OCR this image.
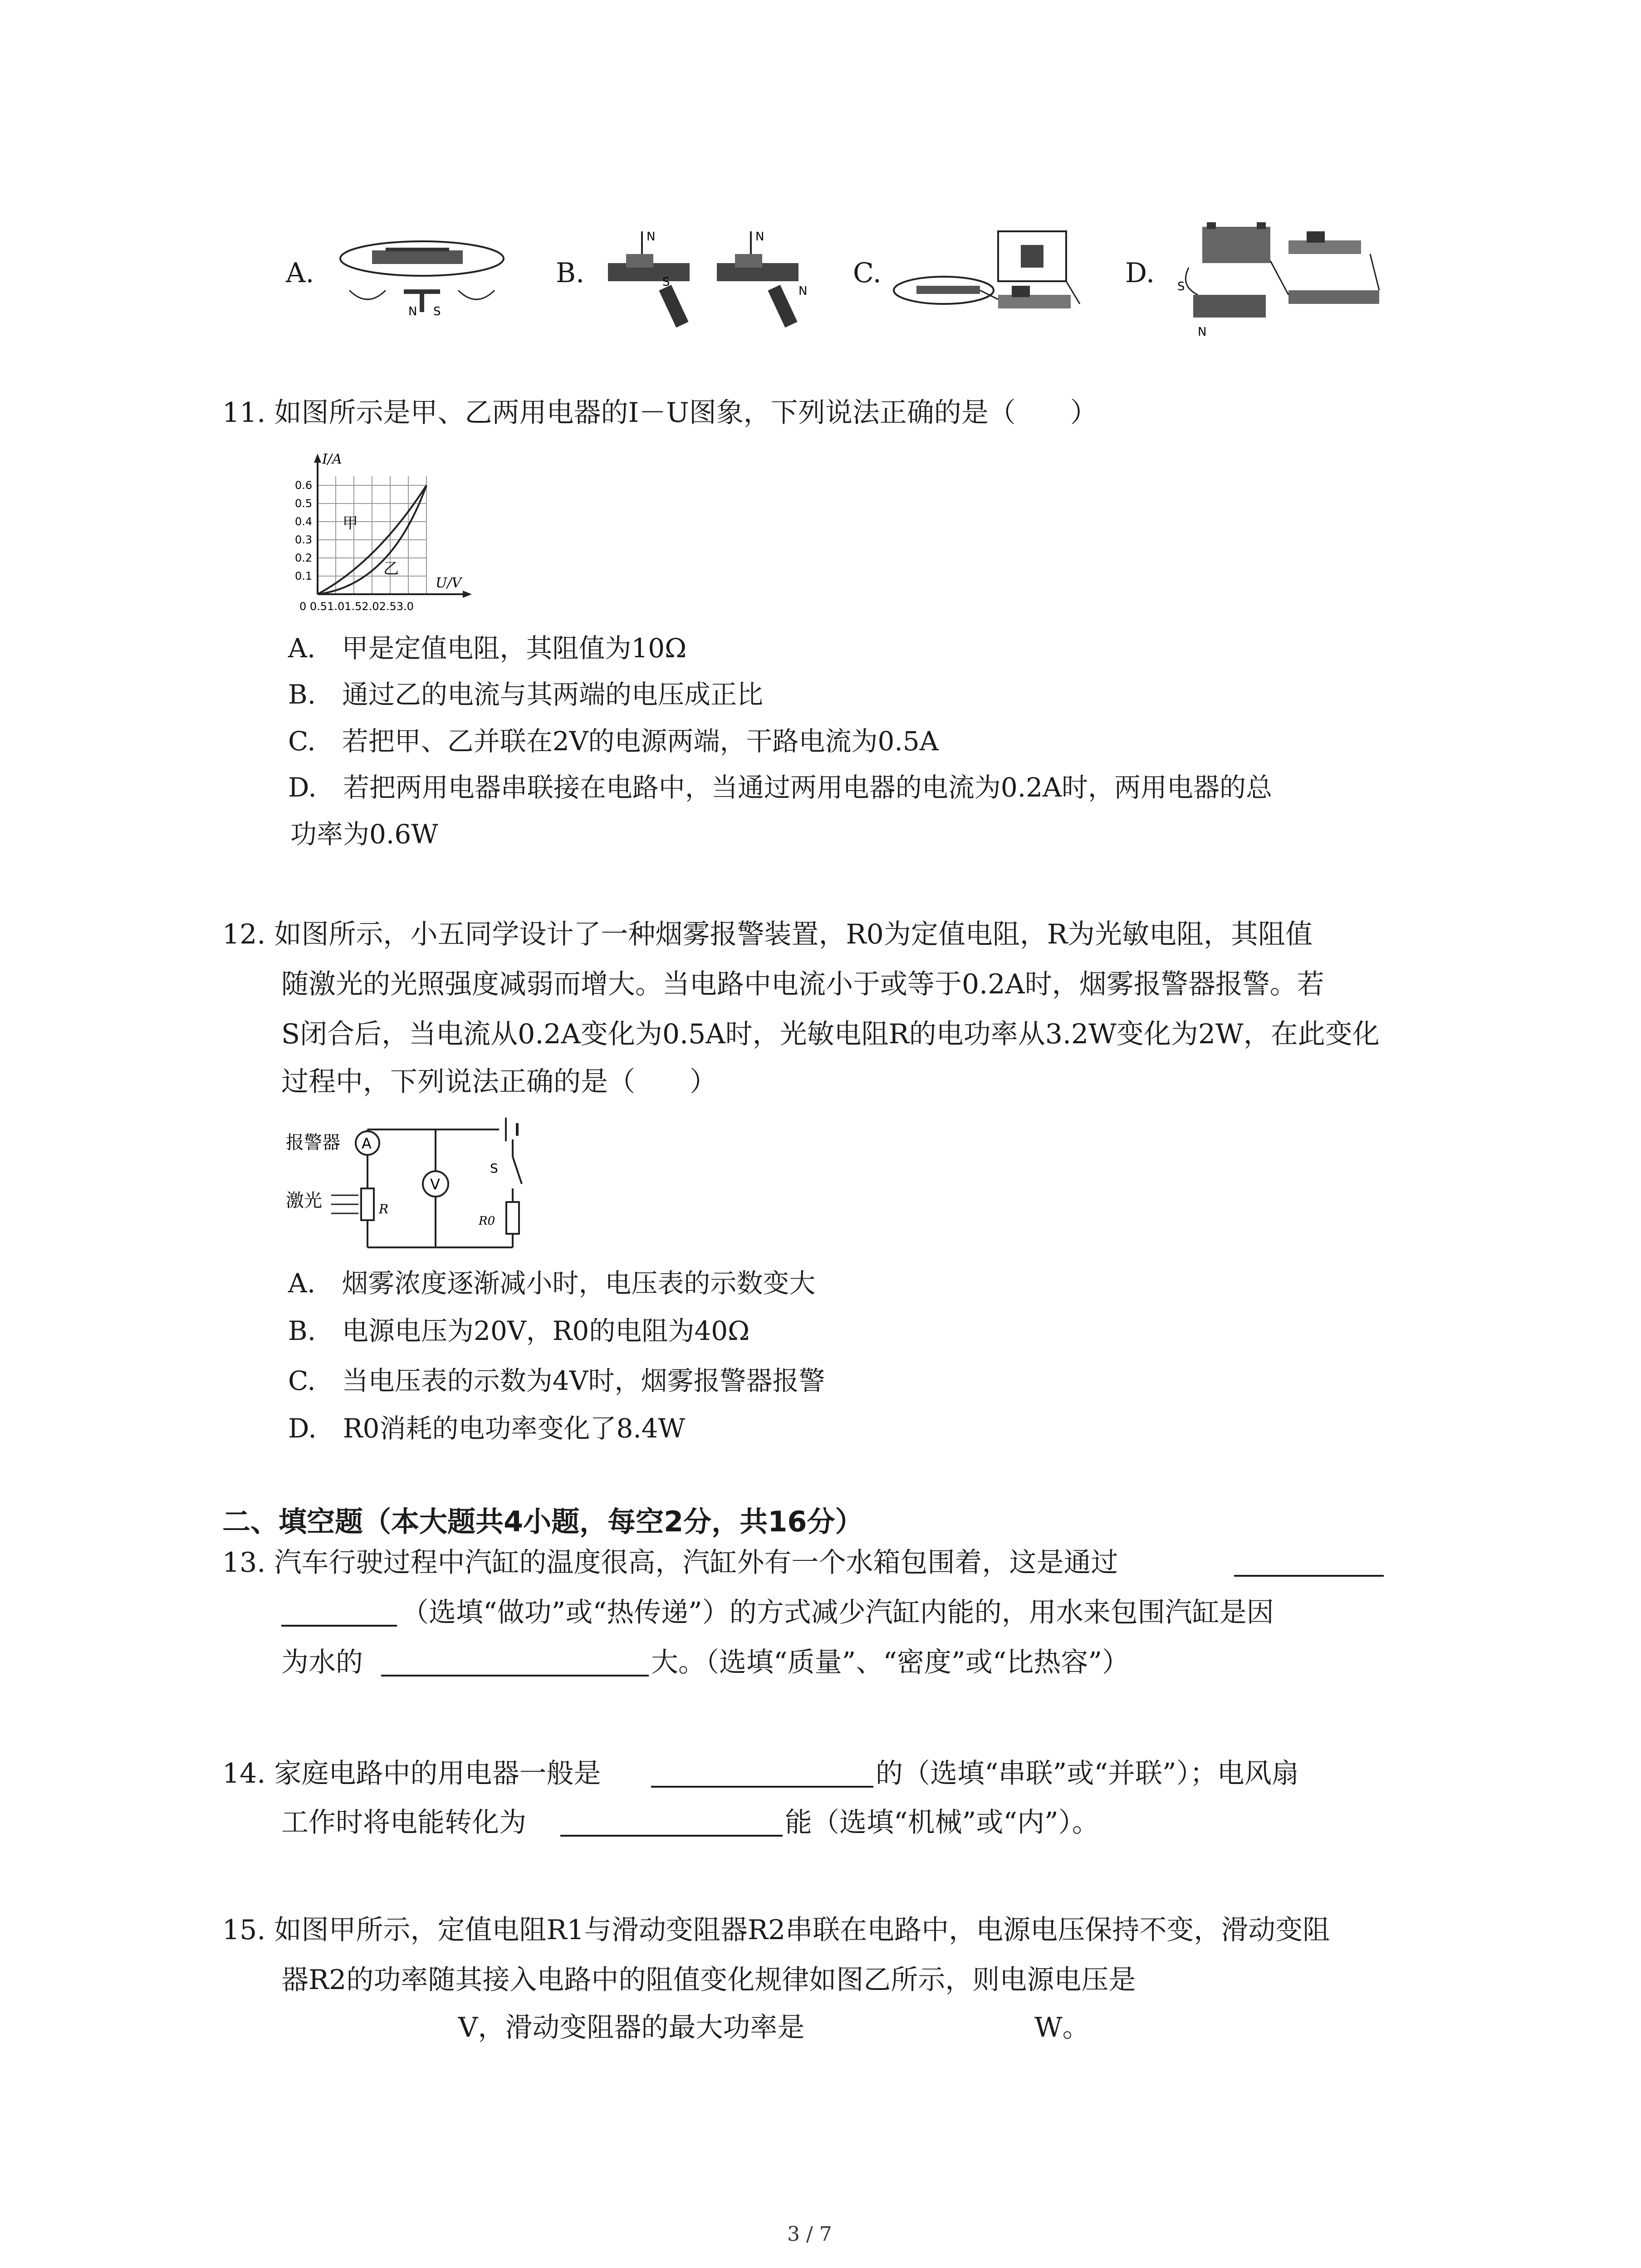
A.	B.	C.	D.
N S
N
S
N
N	S
N
11. 如图所示是甲、乙两用电器的I－U图象，下列说法正确的是（　　）
I/A
U/V
0.6
0.5
0.4
0.3
0.2
0.1
0 0.51.01.52.02.53.0
甲
乙
A.　甲是定值电阻，其阻值为10Ω
B.　通过乙的电流与其两端的电压成正比
C.　若把甲、乙并联在2V的电源两端，干路电流为0.5A
D.　若把两用电器串联接在电路中，当通过两用电器的电流为0.2A时，两用电器的总
功率为0.6W
12. 如图所示，小五同学设计了一种烟雾报警装置，R0为定值电阻，R为光敏电阻，其阻值
随激光的光照强度减弱而增大。当电路中电流小于或等于0.2A时，烟雾报警器报警。若
S闭合后，当电流从0.2A变化为0.5A时，光敏电阻R的电功率从3.2W变化为2W，在此变化
过程中，下列说法正确的是（　　）
A
报警器
R
激光
V
S
R0
A.　烟雾浓度逐渐减小时，电压表的示数变大
B.　电源电压为20V，R0的电阻为40Ω
C.　当电压表的示数为4V时，烟雾报警器报警
D.　R0消耗的电功率变化了8.4W
二、填空题（本大题共4小题，每空2分，共16分）
13. 汽车行驶过程中汽缸的温度很高，汽缸外有一个水箱包围着，这是通过
（选填“做功”或“热传递”）的方式减少汽缸内能的，用水来包围汽缸是因
为水的	大。（选填“质量”、“密度”或“比热容”）
14. 家庭电路中的用电器一般是	的（选填“串联”或“并联”）；电风扇
工作时将电能转化为	能（选填“机械”或“内”）。
15. 如图甲所示，定值电阻R1与滑动变阻器R2串联在电路中，电源电压保持不变，滑动变阻
器R2的功率随其接入电路中的阻值变化规律如图乙所示，则电源电压是
V，滑动变阻器的最大功率是	W。
3 / 7
